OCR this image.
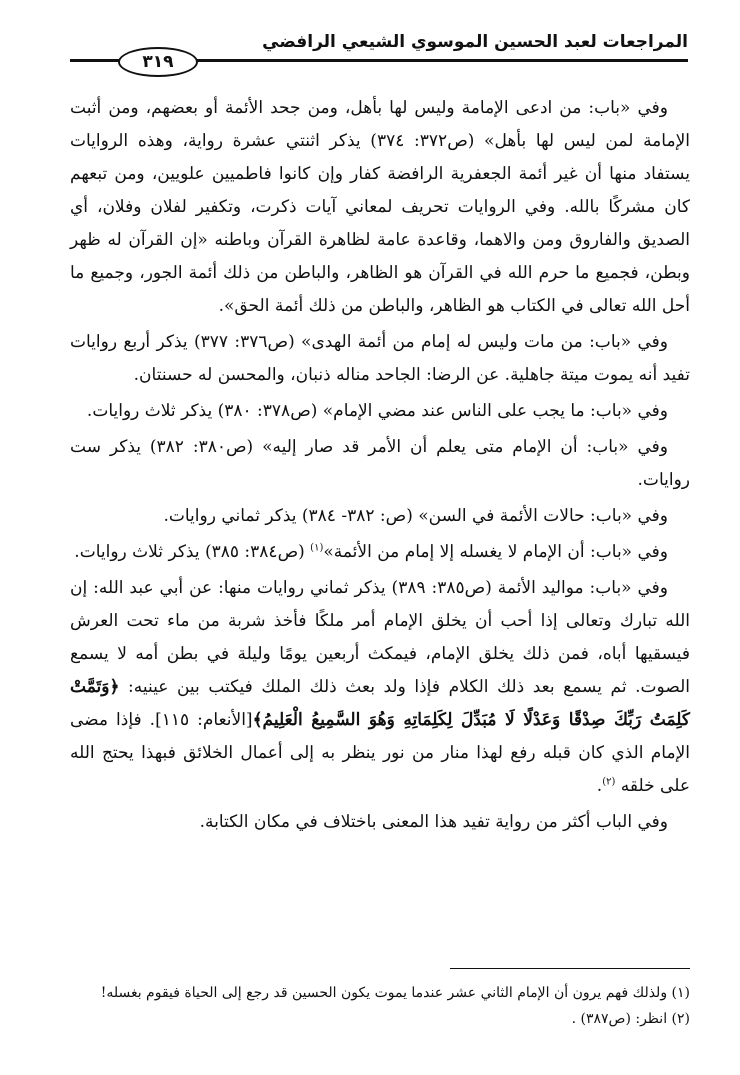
المراجعات لعبد الحسين الموسوي الشيعي الرافضي
٣١٩

وفي «باب: من ادعى الإمامة وليس لها بأهل، ومن جحد الأئمة أو بعضهم، ومن أثبت الإمامة لمن ليس لها بأهل» (ص٣٧٢: ٣٧٤) يذكر اثنتي عشرة رواية، وهذه الروايات يستفاد منها أن غير أئمة الجعفرية الرافضة كفار وإن كانوا فاطميين علويين، ومن تبعهم كان مشركًا بالله. وفي الروايات تحريف لمعاني آيات ذكرت، وتكفير لفلان وفلان، أي الصديق والفاروق ومن والاهما، وقاعدة عامة لظاهرة القرآن وباطنه «إن القرآن له ظهر وبطن، فجميع ما حرم الله في القرآن هو الظاهر، والباطن من ذلك أئمة الجور، وجميع ما أحل الله تعالى في الكتاب هو الظاهر، والباطن من ذلك أئمة الحق».

وفي «باب: من مات وليس له إمام من أئمة الهدى» (ص٣٧٦: ٣٧٧) يذكر أربع روايات تفيد أنه يموت ميتة جاهلية. عن الرضا: الجاحد مناله ذنبان، والمحسن له حسنتان.

وفي «باب: ما يجب على الناس عند مضي الإمام» (ص٣٧٨: ٣٨٠) يذكر ثلاث روايات.

وفي «باب: أن الإمام متى يعلم أن الأمر قد صار إليه» (ص٣٨٠: ٣٨٢) يذكر ست روايات.

وفي «باب: حالات الأئمة في السن» (ص: ٣٨٢- ٣٨٤) يذكر ثماني روايات.

وفي «باب: أن الإمام لا يغسله إلا إمام من الأئمة»$^{(١)}$ (ص٣٨٤: ٣٨٥) يذكر ثلاث روايات.

وفي «باب: مواليد الأئمة (ص٣٨٥: ٣٨٩) يذكر ثماني روايات منها: عن أبي عبد الله: إن الله تبارك وتعالى إذا أحب أن يخلق الإمام أمر ملكًا فأخذ شربة من ماء تحت العرش فيسقيها أباه، فمن ذلك يخلق الإمام، فيمكث أربعين يومًا وليلة في بطن أمه لا يسمع الصوت. ثم يسمع بعد ذلك الكلام فإذا ولد بعث ذلك الملك فيكتب بين عينيه: ﴿وَتَمَّتْ كَلِمَتُ رَبِّكَ صِدْقًا وَعَدْلًا لَا مُبَدِّلَ لِكَلِمَاتِهِ وَهُوَ السَّمِيعُ الْعَلِيمُ﴾[الأنعام: ١١٥]. فإذا مضى الإمام الذي كان قبله رفع لهذا منار من نور ينظر به إلى أعمال الخلائق فبهذا يحتج الله على خلقه $^{(٢)}$.

وفي الباب أكثر من رواية تفيد هذا المعنى باختلاف في مكان الكتابة.

(١) ولذلك فهم يرون أن الإمام الثاني عشر عندما يموت يكون الحسين قد رجع إلى الحياة فيقوم بغسله!

(٢) انظر: (ص٣٨٧) .
